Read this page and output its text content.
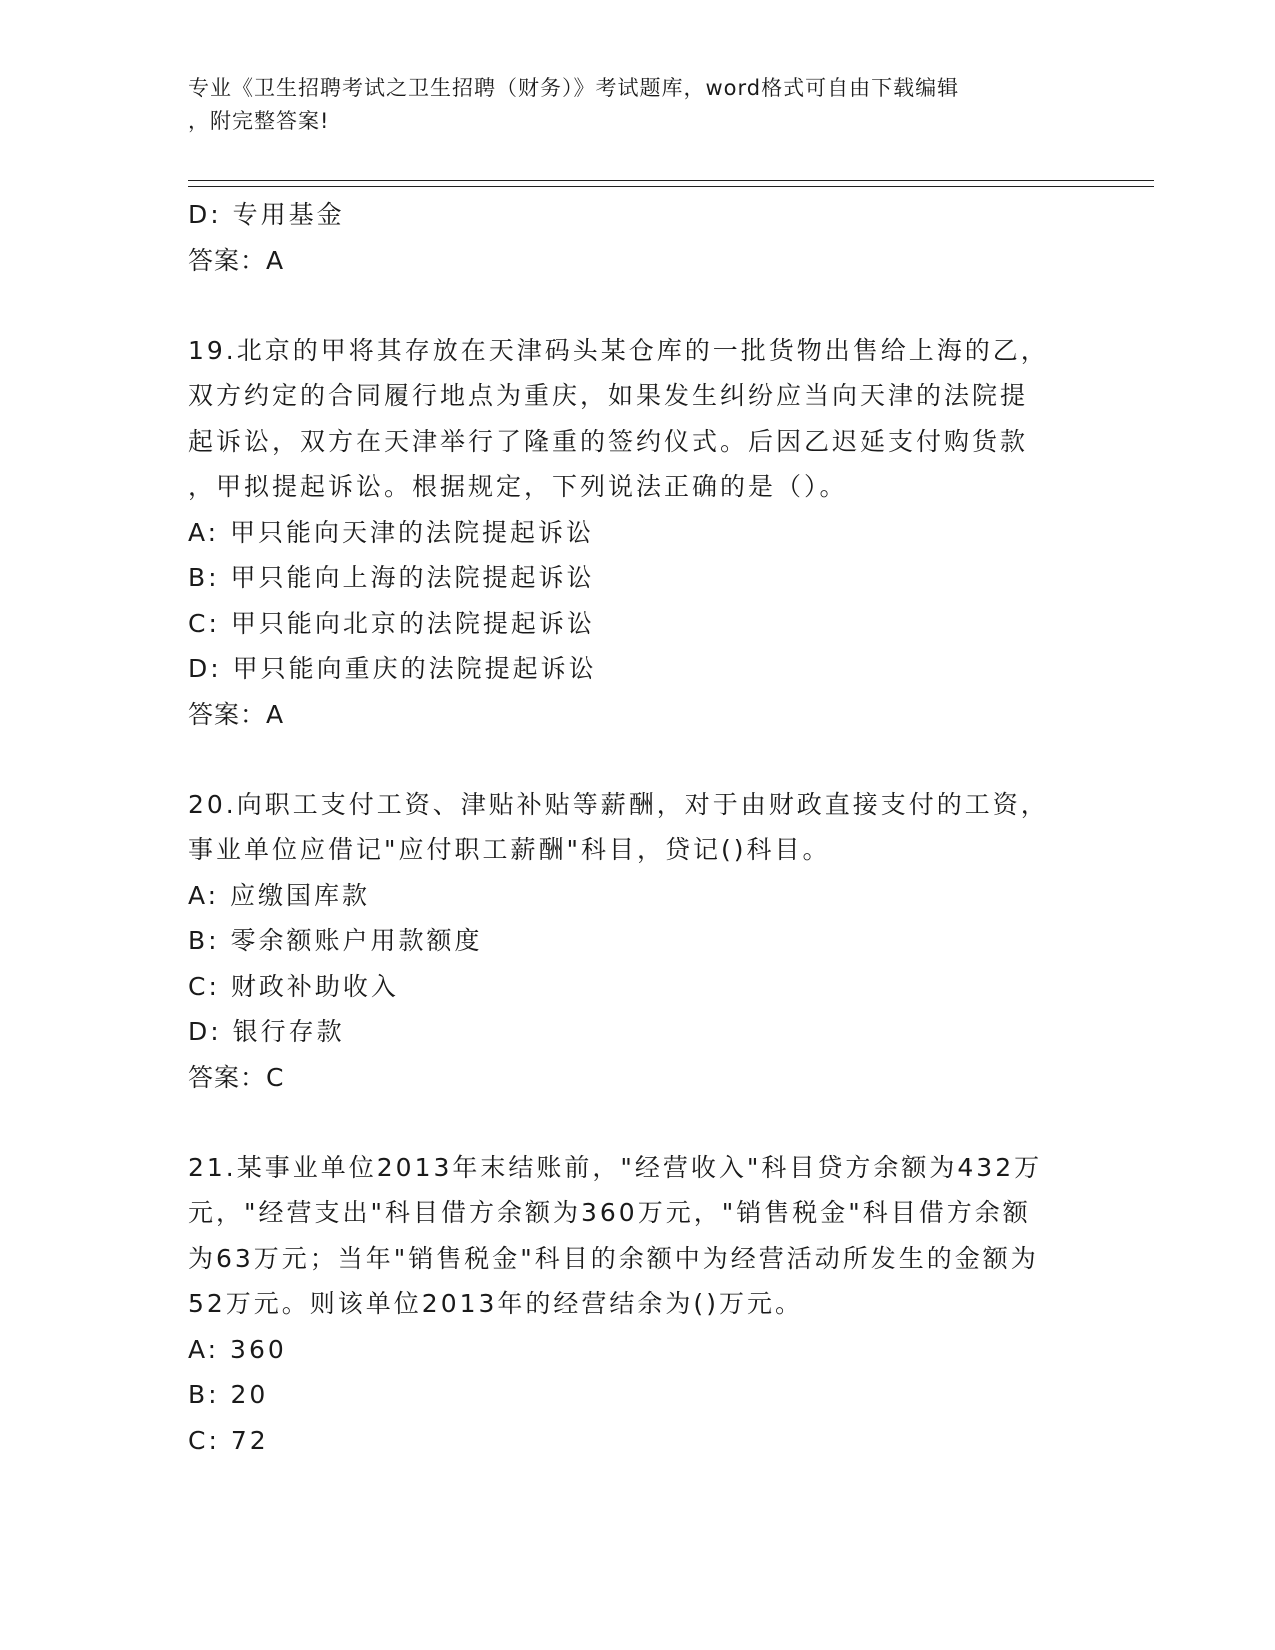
专业《卫生招聘考试之卫生招聘（财务）》考试题库，word格式可自由下载编辑
，附完整答案!
D: 专用基金
答案：A
19.北京的甲将其存放在天津码头某仓库的一批货物出售给上海的乙，
双方约定的合同履行地点为重庆，如果发生纠纷应当向天津的法院提
起诉讼，双方在天津举行了隆重的签约仪式。后因乙迟延支付购货款
，甲拟提起诉讼。根据规定，下列说法正确的是（）。
A: 甲只能向天津的法院提起诉讼
B: 甲只能向上海的法院提起诉讼
C: 甲只能向北京的法院提起诉讼
D: 甲只能向重庆的法院提起诉讼
答案：A
20.向职工支付工资、津贴补贴等薪酬，对于由财政直接支付的工资，
事业单位应借记"应付职工薪酬"科目，贷记()科目。
A: 应缴国库款
B: 零余额账户用款额度
C: 财政补助收入
D: 银行存款
答案：C
21.某事业单位2013年末结账前，"经营收入"科目贷方余额为432万
元，"经营支出"科目借方余额为360万元，"销售税金"科目借方余额
为63万元；当年"销售税金"科目的余额中为经营活动所发生的金额为
52万元。则该单位2013年的经营结余为()万元。
A: 360
B: 20
C: 72
